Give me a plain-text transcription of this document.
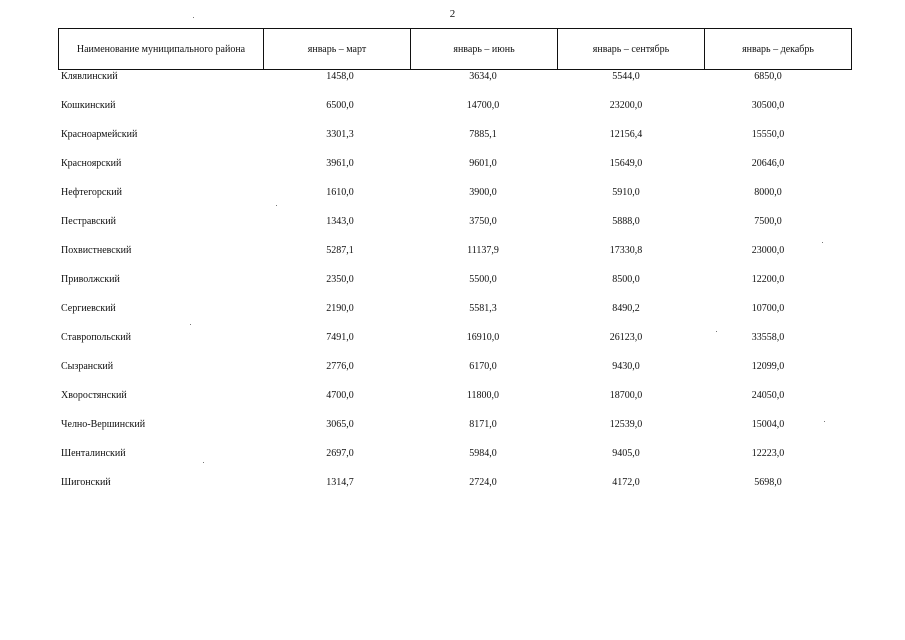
2
Наименование муниципального района	январь – март	январь – июнь	январь – сентябрь	январь – декабрь
Клявлинский	1458,0	3634,0	5544,0	6850,0
Кошкинский	6500,0	14700,0	23200,0	30500,0
Красноармейский	3301,3	7885,1	12156,4	15550,0
Красноярский	3961,0	9601,0	15649,0	20646,0
Нефтегорский	1610,0	3900,0	5910,0	8000,0
Пестравский	1343,0	3750,0	5888,0	7500,0
Похвистневский	5287,1	11137,9	17330,8	23000,0
Приволжский	2350,0	5500,0	8500,0	12200,0
Сергиевский	2190,0	5581,3	8490,2	10700,0
Ставропольский	7491,0	16910,0	26123,0	33558,0
Сызранский	2776,0	6170,0	9430,0	12099,0
Хворостянский	4700,0	11800,0	18700,0	24050,0
Челно-Вершинский	3065,0	8171,0	12539,0	15004,0
Шенталинский	2697,0	5984,0	9405,0	12223,0
Шигонский	1314,7	2724,0	4172,0	5698,0
